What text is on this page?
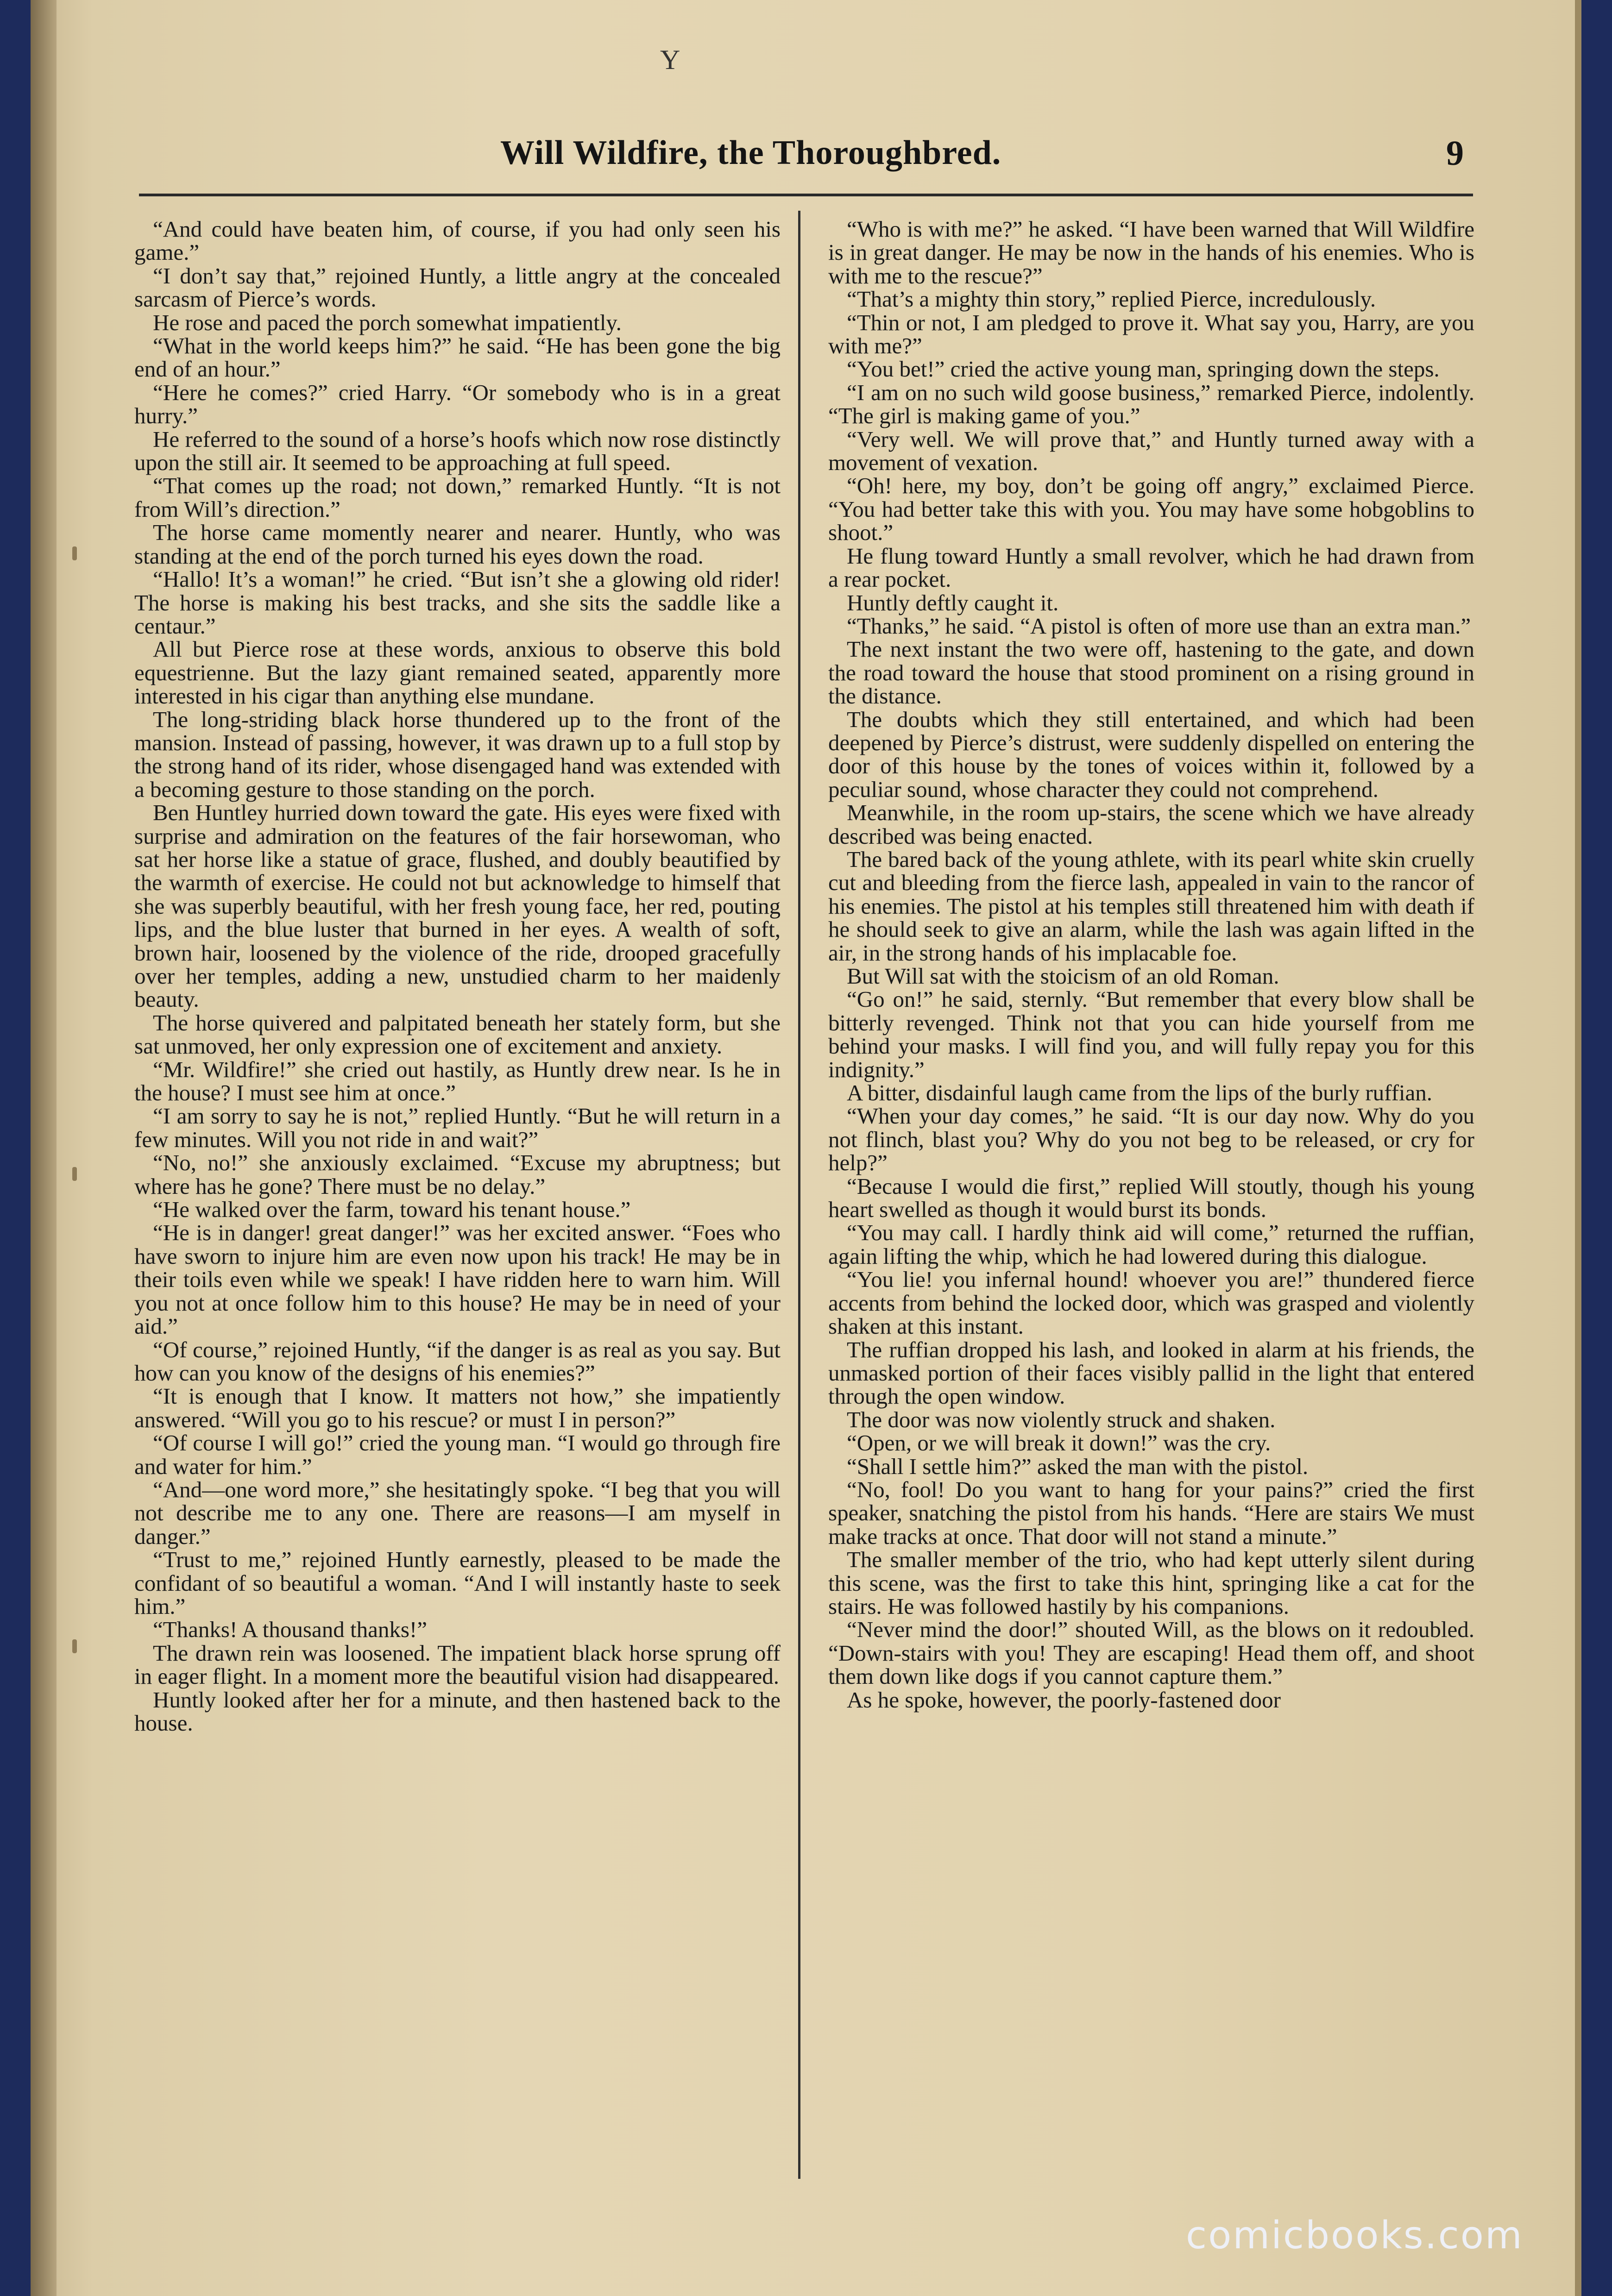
Y
Will Wildfire, the Thoroughbred.	9

“And could have beaten him, of course, if you had only seen his game.”

“I don’t say that,” rejoined Huntly, a little angry at the concealed sarcasm of Pierce’s words.

He rose and paced the porch somewhat impatiently.

“What in the world keeps him?” he said. “He has been gone the big end of an hour.”

“Here he comes?” cried Harry. “Or somebody who is in a great hurry.”

He referred to the sound of a horse’s hoofs which now rose distinctly upon the still air. It seemed to be approaching at full speed.

“That comes up the road; not down,” remarked Huntly. “It is not from Will’s direction.”

The horse came momently nearer and nearer. Huntly, who was standing at the end of the porch turned his eyes down the road.

“Hallo! It’s a woman!” he cried. “But isn’t she a glowing old rider! The horse is making his best tracks, and she sits the saddle like a centaur.”

All but Pierce rose at these words, anxious to observe this bold equestrienne. But the lazy giant remained seated, apparently more interested in his cigar than anything else mundane.

The long-striding black horse thundered up to the front of the mansion. Instead of passing, however, it was drawn up to a full stop by the strong hand of its rider, whose disengaged hand was extended with a becoming gesture to those standing on the porch.

Ben Huntley hurried down toward the gate. His eyes were fixed with surprise and admiration on the features of the fair horsewoman, who sat her horse like a statue of grace, flushed, and doubly beautified by the warmth of exercise. He could not but acknowledge to himself that she was superbly beautiful, with her fresh young face, her red, pouting lips, and the blue luster that burned in her eyes. A wealth of soft, brown hair, loosened by the violence of the ride, drooped gracefully over her temples, adding a new, unstudied charm to her maidenly beauty.

The horse quivered and palpitated beneath her stately form, but she sat unmoved, her only expression one of excitement and anxiety.

“Mr. Wildfire!” she cried out hastily, as Huntly drew near. Is he in the house? I must see him at once.”

“I am sorry to say he is not,” replied Huntly. “But he will return in a few minutes. Will you not ride in and wait?”

“No, no!” she anxiously exclaimed. “Excuse my abruptness; but where has he gone? There must be no delay.”

“He walked over the farm, toward his tenant house.”

“He is in danger! great danger!” was her excited answer. “Foes who have sworn to injure him are even now upon his track! He may be in their toils even while we speak! I have ridden here to warn him. Will you not at once follow him to this house? He may be in need of your aid.”

“Of course,” rejoined Huntly, “if the danger is as real as you say. But how can you know of the designs of his enemies?”

“It is enough that I know. It matters not how,” she impatiently answered. “Will you go to his rescue? or must I in person?”

“Of course I will go!” cried the young man. “I would go through fire and water for him.”

“And—one word more,” she hesitatingly spoke. “I beg that you will not describe me to any one. There are reasons—I am myself in danger.”

“Trust to me,” rejoined Huntly earnestly, pleased to be made the confidant of so beautiful a woman. “And I will instantly haste to seek him.”

“Thanks! A thousand thanks!”

The drawn rein was loosened. The impatient black horse sprung off in eager flight. In a moment more the beautiful vision had disappeared.

Huntly looked after her for a minute, and then hastened back to the house.

“Who is with me?” he asked. “I have been warned that Will Wildfire is in great danger. He may be now in the hands of his enemies. Who is with me to the rescue?”

“That’s a mighty thin story,” replied Pierce, incredulously.

“Thin or not, I am pledged to prove it. What say you, Harry, are you with me?”

“You bet!” cried the active young man, springing down the steps.

“I am on no such wild goose business,” remarked Pierce, indolently. “The girl is making game of you.”

“Very well. We will prove that,” and Huntly turned away with a movement of vexation.

“Oh! here, my boy, don’t be going off angry,” exclaimed Pierce. “You had better take this with you. You may have some hobgoblins to shoot.”

He flung toward Huntly a small revolver, which he had drawn from a rear pocket.

Huntly deftly caught it.

“Thanks,” he said. “A pistol is often of more use than an extra man.”

The next instant the two were off, hastening to the gate, and down the road toward the house that stood prominent on a rising ground in the distance.

The doubts which they still entertained, and which had been deepened by Pierce’s distrust, were suddenly dispelled on entering the door of this house by the tones of voices within it, followed by a peculiar sound, whose character they could not comprehend.

Meanwhile, in the room up-stairs, the scene which we have already described was being enacted.

The bared back of the young athlete, with its pearl white skin cruelly cut and bleeding from the fierce lash, appealed in vain to the rancor of his enemies. The pistol at his temples still threatened him with death if he should seek to give an alarm, while the lash was again lifted in the air, in the strong hands of his implacable foe.

But Will sat with the stoicism of an old Roman.

“Go on!” he said, sternly. “But remember that every blow shall be bitterly revenged. Think not that you can hide yourself from me behind your masks. I will find you, and will fully repay you for this indignity.”

A bitter, disdainful laugh came from the lips of the burly ruffian.

“When your day comes,” he said. “It is our day now. Why do you not flinch, blast you? Why do you not beg to be released, or cry for help?”

“Because I would die first,” replied Will stoutly, though his young heart swelled as though it would burst its bonds.

“You may call. I hardly think aid will come,” returned the ruffian, again lifting the whip, which he had lowered during this dialogue.

“You lie! you infernal hound! whoever you are!” thundered fierce accents from behind the locked door, which was grasped and violently shaken at this instant.

The ruffian dropped his lash, and looked in alarm at his friends, the unmasked portion of their faces visibly pallid in the light that entered through the open window.

The door was now violently struck and shaken.

“Open, or we will break it down!” was the cry.

“Shall I settle him?” asked the man with the pistol.

“No, fool! Do you want to hang for your pains?” cried the first speaker, snatching the pistol from his hands. “Here are stairs We must make tracks at once. That door will not stand a minute.”

The smaller member of the trio, who had kept utterly silent during this scene, was the first to take this hint, springing like a cat for the stairs. He was followed hastily by his companions.

“Never mind the door!” shouted Will, as the blows on it redoubled. “Down-stairs with you! They are escaping! Head them off, and shoot them down like dogs if you cannot capture them.”

As he spoke, however, the poorly-fastened door

comicbooks.com
